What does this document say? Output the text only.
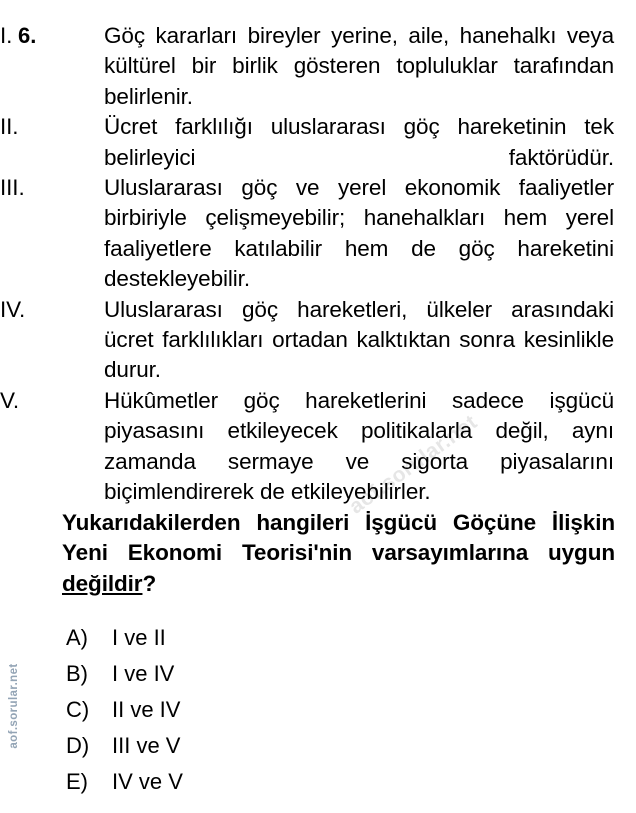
aof.sorular.net
6.

I.	Göç kararları bireyler yerine, aile, hanehalkı veya kültürel bir birlik gösteren topluluklar tarafından belirlenir.

II.	Ücret farklılığı uluslararası göç hareketinin tek belirleyici faktörüdür.

III.	Uluslararası göç ve yerel ekonomik faaliyetler birbiriyle çelişmeyebilir; hanehalkları hem yerel faaliyetlere katılabilir hem de göç hareketini destekleyebilir.

IV.	Uluslararası göç hareketleri, ülkeler arasındaki ücret farklılıkları ortadan kalktıktan sonra kesinlikle durur.

V.	Hükûmetler göç hareketlerini sadece işgücü piyasasını etkileyecek politikalarla değil, aynı zamanda sermaye ve sigorta piyasalarını biçimlendirerek de etkileyebilirler.

Yukarıdakilerden hangileri İşgücü Göçüne İlişkin Yeni Ekonomi Teorisi'nin varsayımlarına uygun değildir?
A)	I ve II
B)	I ve IV
C)	II ve IV
D)	III ve V
E)	IV ve V
aof.sorular.net
